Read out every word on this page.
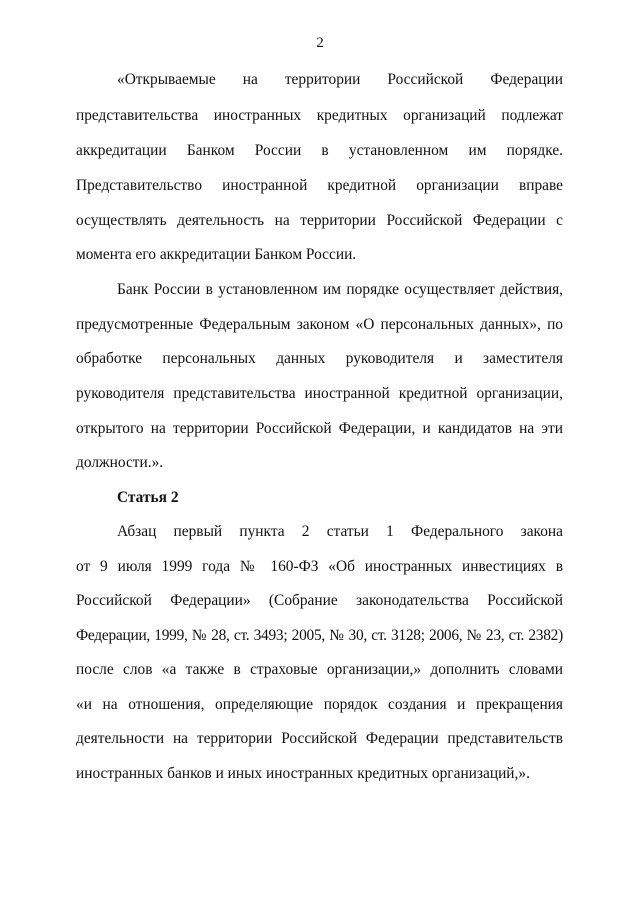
2
«Открываемые на территории Российской Федерации
представительства иностранных кредитных организаций подлежат
аккредитации Банком России в установленном им порядке.
Представительство иностранной кредитной организации вправе
осуществлять деятельность на территории Российской Федерации с
момента его аккредитации Банком России.
Банк России в установленном им порядке осуществляет действия,
предусмотренные Федеральным законом «О персональных данных», по
обработке персональных данных руководителя и заместителя
руководителя представительства иностранной кредитной организации,
открытого на территории Российской Федерации, и кандидатов на эти
должности.».
Статья 2
Абзац первый пункта 2 статьи 1 Федерального закона
от 9 июля 1999 года № 160-ФЗ «Об иностранных инвестициях в
Российской Федерации» (Собрание законодательства Российской
Федерации, 1999, № 28, ст. 3493; 2005, № 30, ст. 3128; 2006, № 23, ст. 2382)
после слов «а также в страховые организации,» дополнить словами
«и на отношения, определяющие порядок создания и прекращения
деятельности на территории Российской Федерации представительств
иностранных банков и иных иностранных кредитных организаций,».
